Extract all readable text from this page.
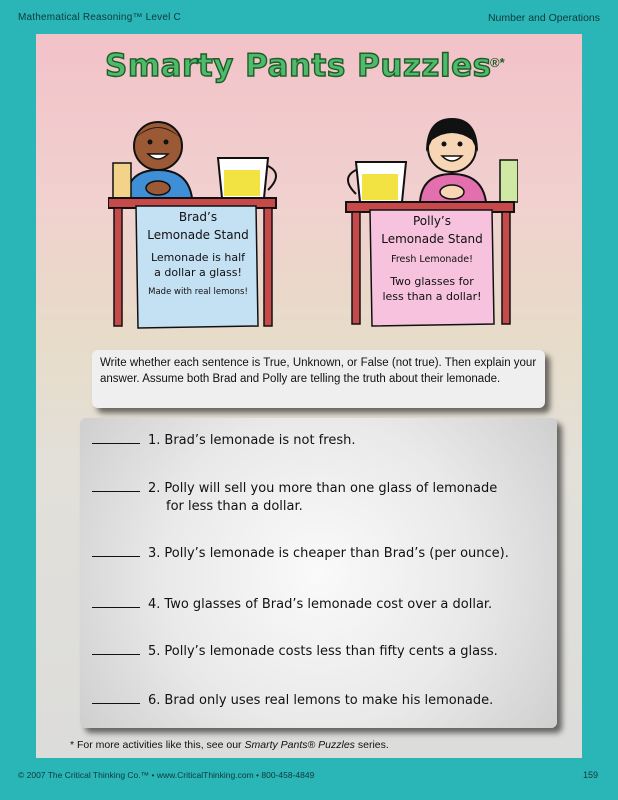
Mathematical Reasoning™ Level C	Number and Operations
Smarty Pants Puzzles
®*
Brad’s
Lemonade Stand
Lemonade is half
a dollar a glass!
Made with real lemons!
Polly’s
Lemonade Stand
Fresh Lemonade!
Two glasses for
less than a dollar!
Write whether each sentence is True, Unknown, or False (not true). Then explain your answer. Assume both Brad and Polly are telling the truth about their lemonade.
1. Brad’s lemonade is not fresh.
2. Polly will sell you more than one glass of lemonade
for less than a dollar.
3. Polly’s lemonade is cheaper than Brad’s (per ounce).
4. Two glasses of Brad’s lemonade cost over a dollar.
5. Polly’s lemonade costs less than fifty cents a glass.
6. Brad only uses real lemons to make his lemonade.
* For more activities like this, see our Smarty Pants® Puzzles series.
© 2007 The Critical Thinking Co.™ • www.CriticalThinking.com • 800-458-4849	159
